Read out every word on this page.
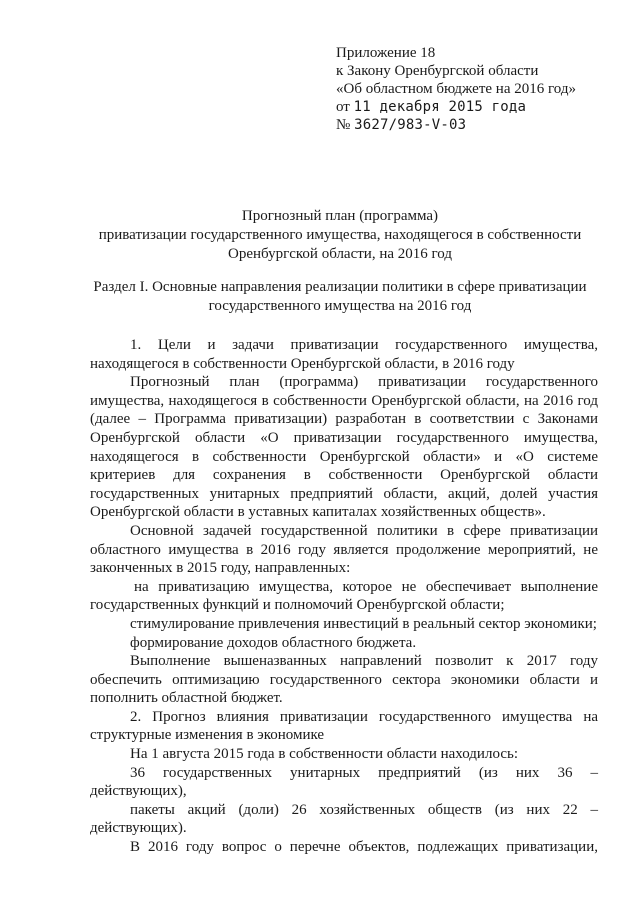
Приложение 18
к Закону Оренбургской области
«Об областном бюджете на 2016 год»
от 11 декабря 2015 года
№ 3627/983-V-03
Прогнозный план (программа)
приватизации государственного имущества, находящегося в собственности
Оренбургской области, на 2016 год
Раздел I. Основные направления реализации политики в сфере приватизации
государственного имущества на 2016 год
1. Цели и задачи приватизации государственного имущества, находящегося в собственности Оренбургской области, в 2016 году
Прогнозный план (программа) приватизации государственного имущества, находящегося в собственности Оренбургской области, на 2016 год (далее – Программа приватизации) разработан в соответствии с Законами Оренбургской области «О приватизации государственного имущества, находящегося в собственности Оренбургской области» и «О системе критериев для сохранения в собственности Оренбургской области государственных унитарных предприятий области, акций, долей участия Оренбургской области в уставных капиталах хозяйственных обществ».
Основной задачей государственной политики в сфере приватизации областного имущества в 2016 году является продолжение мероприятий, не законченных в 2015 году, направленных:
на приватизацию имущества, которое не обеспечивает выполнение государственных функций и полномочий Оренбургской области;
стимулирование привлечения инвестиций в реальный сектор экономики;
формирование доходов областного бюджета.
Выполнение вышеназванных направлений позволит к 2017 году обеспечить оптимизацию государственного сектора экономики области и пополнить областной бюджет.
2. Прогноз влияния приватизации государственного имущества на структурные изменения в экономике
На 1 августа 2015 года в собственности области находилось:
36 государственных унитарных предприятий (из них 36 – действующих),
пакеты акций (доли) 26 хозяйственных обществ (из них 22 – действующих).
В 2016 году вопрос о перечне объектов, подлежащих приватизации,
